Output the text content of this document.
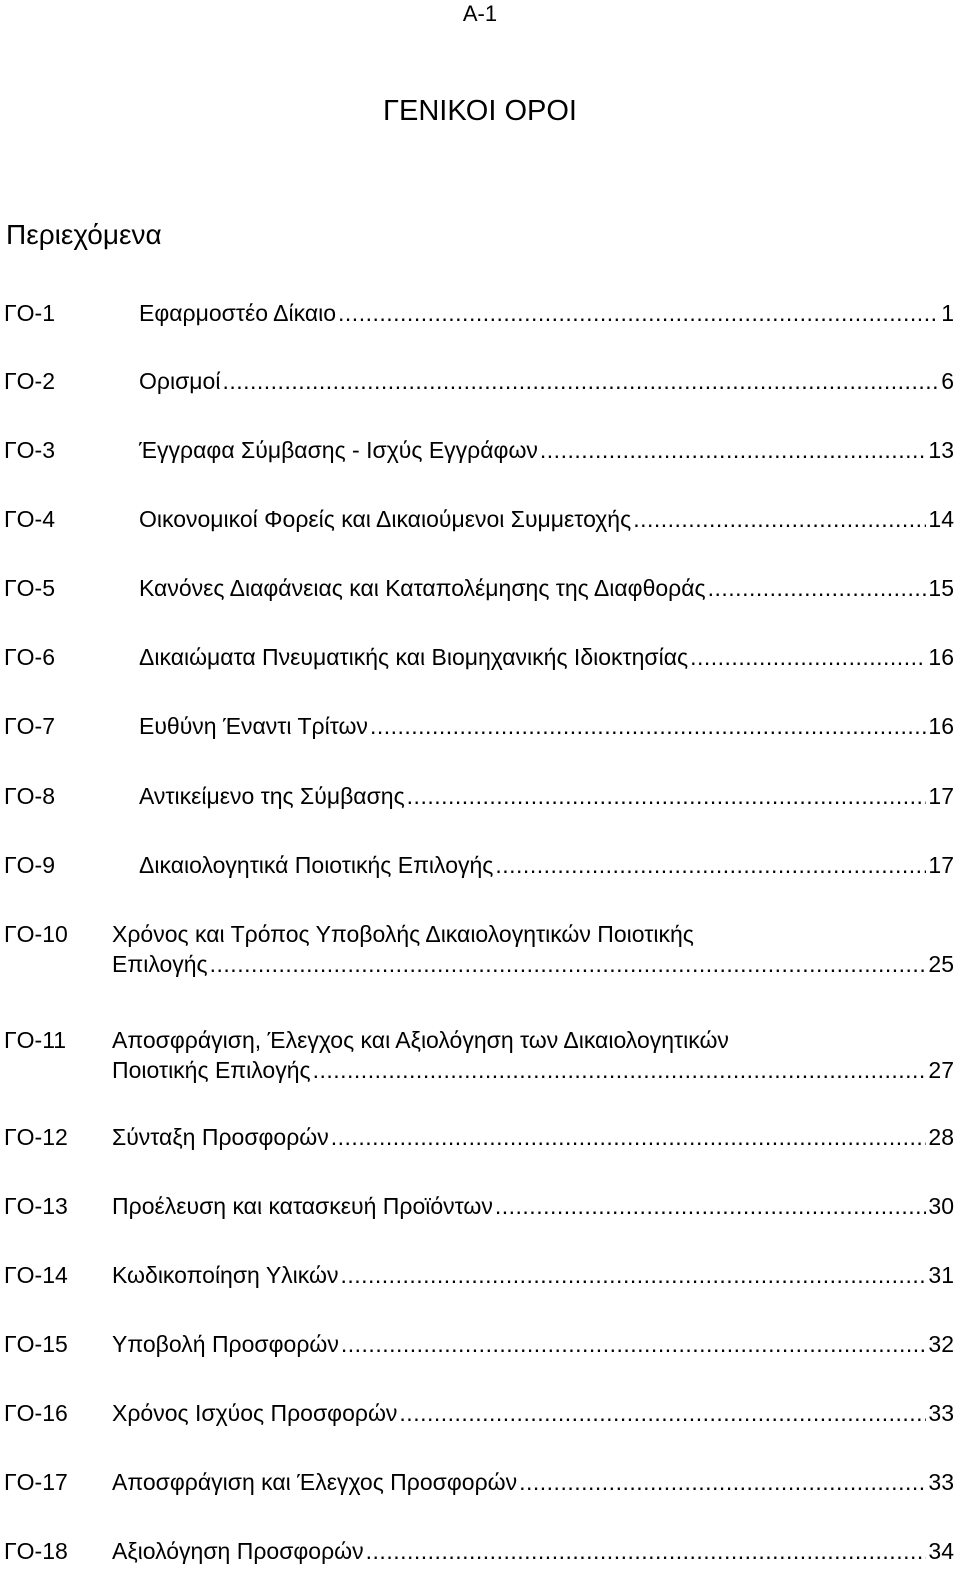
Α-1
ΓΕΝΙΚΟΙ ΟΡΟΙ
Περιεχόμενα
ΓΟ-1	Εφαρμοστέο Δίκαιο .....	1
ΓΟ-2	Ορισμοί .....	6
ΓΟ-3	Έγγραφα Σύμβασης - Ισχύς Εγγράφων .....	13
ΓΟ-4	Οικονομικοί Φορείς και Δικαιούμενοι Συμμετοχής .....	14
ΓΟ-5	Κανόνες Διαφάνειας και Καταπολέμησης της Διαφθοράς .....	15
ΓΟ-6	Δικαιώματα Πνευματικής και Βιομηχανικής Ιδιοκτησίας .....	16
ΓΟ-7	Ευθύνη Έναντι Τρίτων .....	16
ΓΟ-8	Αντικείμενο της Σύμβασης .....	17
ΓΟ-9	Δικαιολογητικά Ποιοτικής Επιλογής .....	17
ΓΟ-10 Χρόνος και Τρόπος Υποβολής Δικαιολογητικών Ποιοτικής
Επιλογής .....	25
ΓΟ-11 Αποσφράγιση, Έλεγχος και Αξιολόγηση των Δικαιολογητικών
Ποιοτικής Επιλογής .....	27
ΓΟ-12 Σύνταξη Προσφορών .....	28
ΓΟ-13 Προέλευση και κατασκευή Προϊόντων .....	30
ΓΟ-14 Κωδικοποίηση Υλικών .....	31
ΓΟ-15 Υποβολή Προσφορών .....	32
ΓΟ-16 Χρόνος Ισχύος Προσφορών .....	33
ΓΟ-17 Αποσφράγιση και Έλεγχος Προσφορών .....	33
ΓΟ-18 Αξιολόγηση Προσφορών .....	34
